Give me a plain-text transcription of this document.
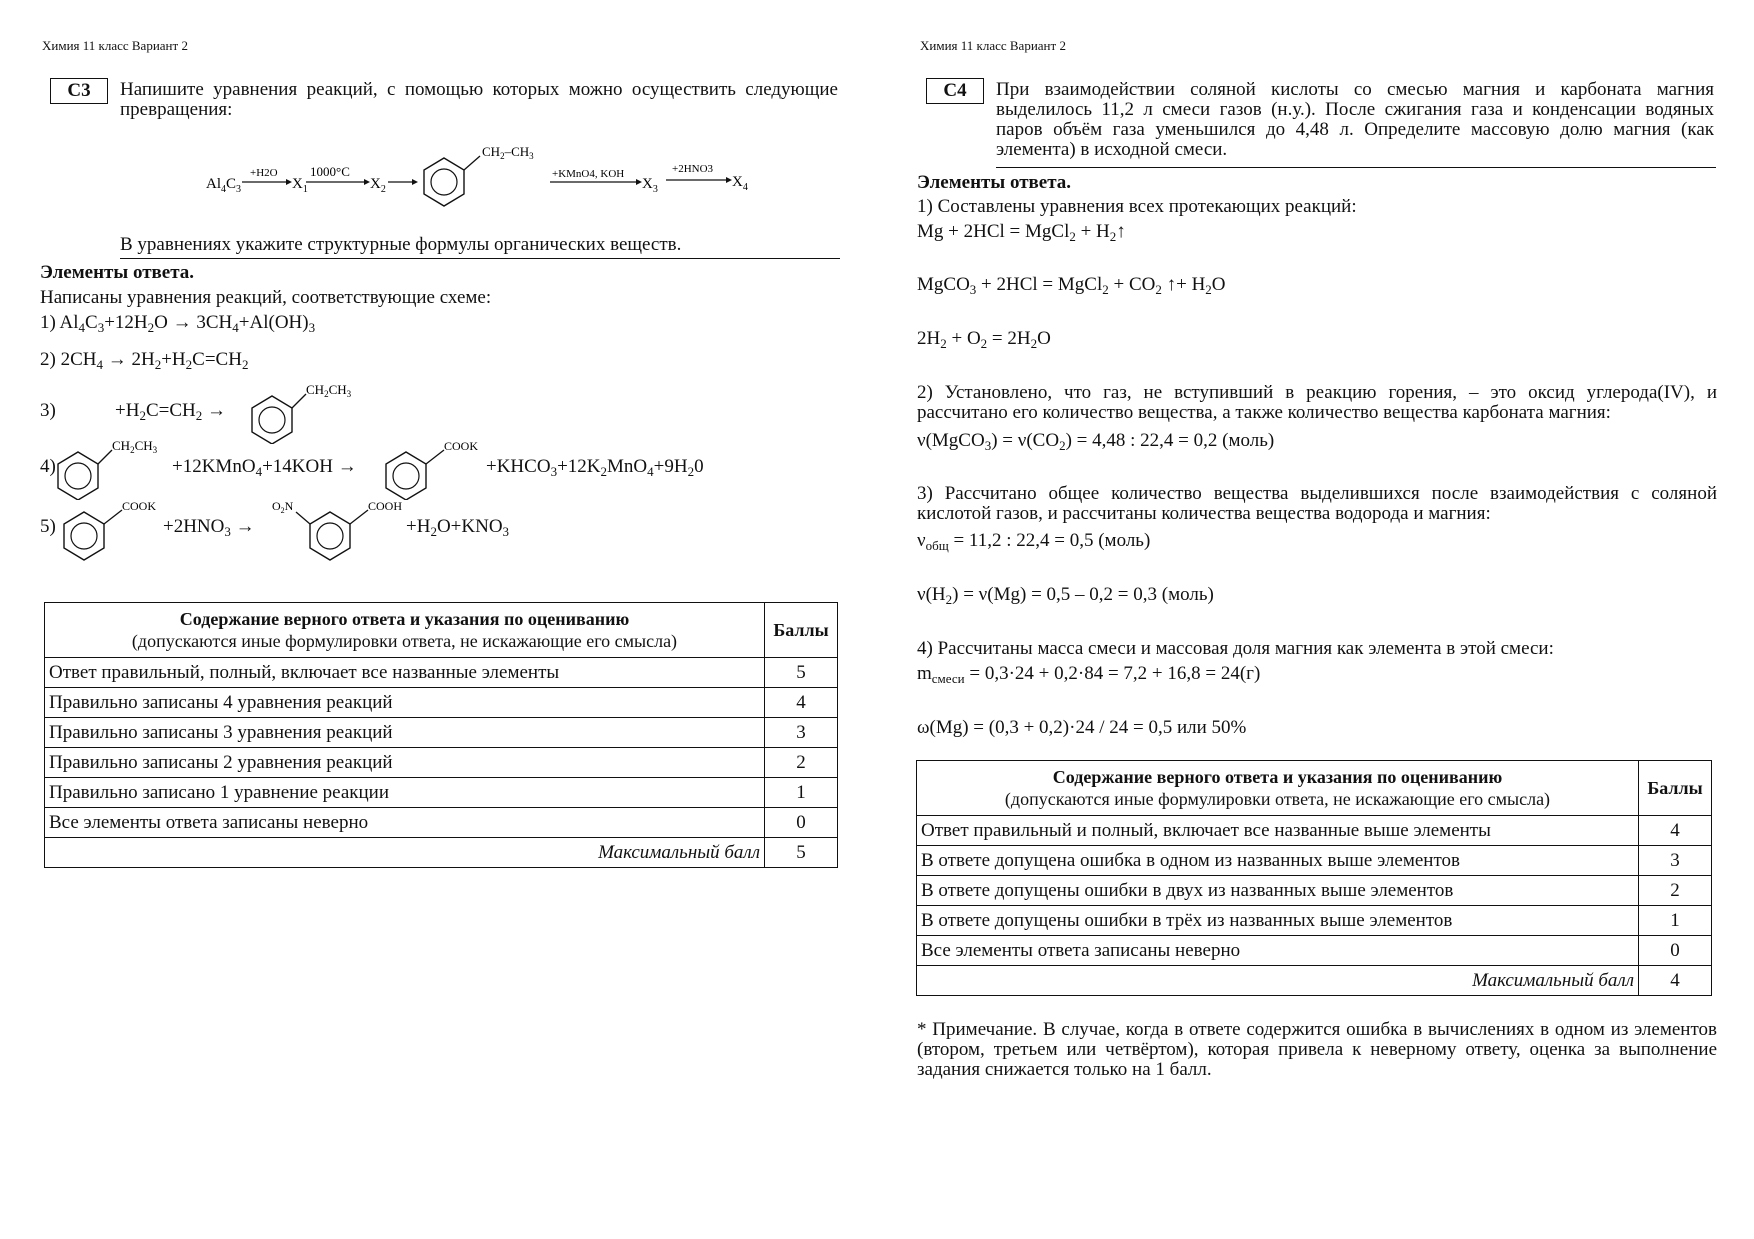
Химия 11 класс Вариант 2
С3	Напишите уравнения реакций, с помощью которых можно осуществить следующие превращения:
$Al_4C_3$
+H2O
$X_1$
1000°C
$X_2$
$CH_2-CH_3$
+KMnO4, KOH
$X_3$
+2HNO3
$X_4$
В уравнениях укажите структурные формулы органических веществ.
Элементы ответа.
Написаны уравнения реакций, соответствующие схеме:
1) $Al_4C_3+12H_2O \to 3CH_4+Al(OH)_3$
2) $2CH_4 \to 2H_2+H_2C=CH_2$
3)	$+H_2C=CH_2$ →
$CH_2CH_3$
4)
$CH_2CH_3$
+12KMnO$_4$+14KOH →
COOK
$+KHCO_3+12K_2MnO_4+9H_20$
5)
COOK
$+2HNO_3$ →
$O_2N$	COOH
$+H_2O+KNO_3$
Содержание верного ответа и указания по оцениванию
(допускаются иные формулировки ответа, не искажающие его смысла)	Баллы
Ответ правильный, полный, включает все названные элементы	5
Правильно записаны 4 уравнения реакций	4
Правильно записаны 3 уравнения реакций	3
Правильно записаны 2 уравнения реакций	2
Правильно записано 1 уравнение реакции	1
Все элементы ответа записаны неверно	0
Максимальный балл	5
Химия 11 класс Вариант 2
С4	При взаимодействии соляной кислоты со смесью магния и карбоната магния выделилось 11,2 л смеси газов (н.у.). После сжигания газа и конденсации водяных паров объём газа уменьшился до 4,48 л. Определите массовую долю магния (как элемента) в исходной смеси.
Элементы ответа.
1) Составлены уравнения всех протекающих реакций:
Mg + 2HCl = MgCl$_2$ + $H_2↑$
MgCO$_3$ + 2HCl = MgCl$_2$ + $CO_2$ ↑+ $H_2O$
$2H_2 + O_2 = 2H_2O$
2) Установлено, что газ, не вступивший в реакцию горения, – это оксид углерода(IV), и рассчитано его количество вещества, а также количество вещества карбоната магния:
ν(MgCO$_3$) = $\nu(CO_2) = 4,48$ : 22,4 = 0,2 (моль)
3) Рассчитано общее количество вещества выделившихся после взаимодействия с соляной кислотой газов, и рассчитаны количества вещества водорода и магния:
$\nu_{общ} = 11,2$ : 22,4 = 0,5 (моль)
$\nu(H_2) = \nu(Mg) = 0,5 - 0,2 = 0,3$ (моль)
4) Рассчитаны масса смеси и массовая доля магния как элемента в этой смеси:
$m_{смеси} = 0,3\cdot 24 + 0,2\cdot 84 = 7,2 + 16,8 = 24(г)$
ω(Mg) = (0,3 + 0,2)·24 / 24 = 0,5 или 50%
Содержание верного ответа и указания по оцениванию
(допускаются иные формулировки ответа, не искажающие его смысла)	Баллы
Ответ правильный и полный, включает все названные выше элементы	4
В ответе допущена ошибка в одном из названных выше элементов	3
В ответе допущены ошибки в двух из названных выше элементов	2
В ответе допущены ошибки в трёх из названных выше элементов	1
Все элементы ответа записаны неверно	0
Максимальный балл	4
* Примечание. В случае, когда в ответе содержится ошибка в вычислениях в одном из элементов (втором, третьем или четвёртом), которая привела к неверному ответу, оценка за выполнение задания снижается только на 1 балл.
